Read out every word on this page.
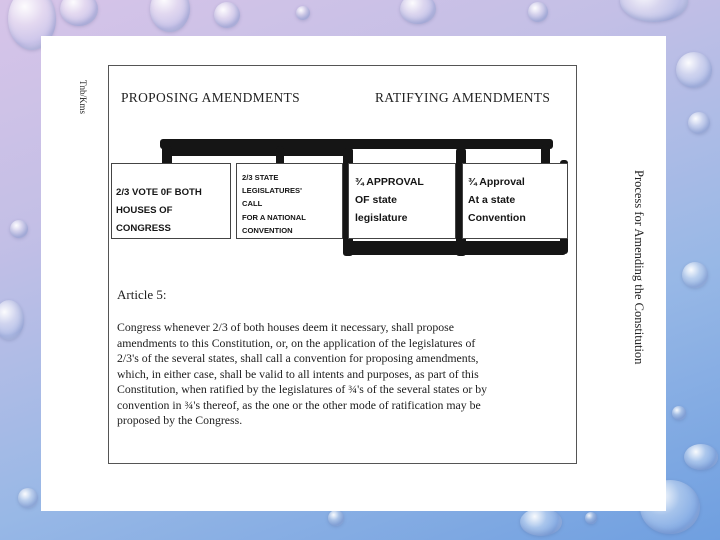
Tnb/Kms PROPOSING AMENDMENTS	RATIFYING AMENDMENTS
2/3 VOTE 0F BOTH
HOUSES OF
CONGRESS
2/3 STATE
LEGISLATURES'
CALL
FOR A NATIONAL
CONVENTION
¾ APPROVAL
OF state
legislature
¾ Approval
At a state
Convention
Article 5:
Congress whenever 2/3 of both houses deem it necessary, shall propose
amendments to this Constitution, or, on the application of the legislatures of
2/3's of the several states, shall call a convention for proposing amendments,
which, in either case, shall be valid to all intents and purposes, as part of this
Constitution, when ratified by the legislatures of ¾'s of the several states or by
convention in ¾'s thereof, as the one or the other mode of ratification may be
proposed by the Congress.
Process for Amending the Constitution
